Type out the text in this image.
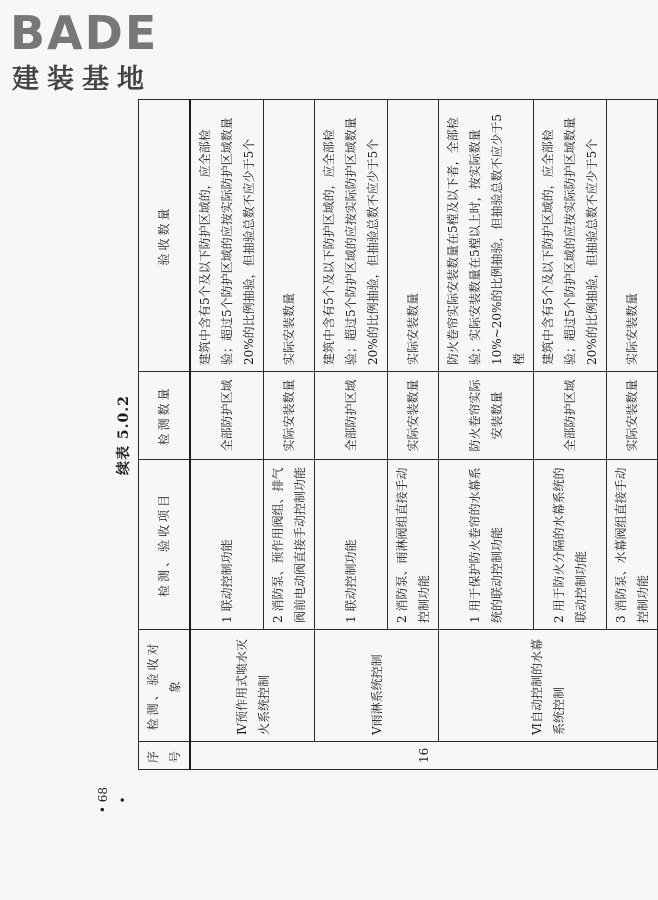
BADE
建装基地
• 68 •
续表 5.0.2
序号	检测、验收对象	检测、验收项目	检测数量	验收数量
16	Ⅳ预作用式喷水灭火系统控制	1 联动控制功能	全部防护区域	建筑中含有5个及以下防护区域的，应全部检验；超过5个防护区域的应按实际防护区域数量20%的比例抽验，但抽验总数不应少于5个
		2 消防泵、预作用阀组、排气阀前电动阀直接手动控制功能	实际安装数量	实际安装数量
	Ⅴ雨淋系统控制	1 联动控制功能	全部防护区域	建筑中含有5个及以下防护区域的，应全部检验；超过5个防护区域的应按实际防护区域数量20%的比例抽验，但抽验总数不应少于5个
		2 消防泵、雨淋阀组直接手动控制功能	实际安装数量	实际安装数量
	Ⅵ自动控制的水幕系统控制	1 用于保护防火卷帘的水幕系统的联动控制功能	防火卷帘实际安装数量	防火卷帘实际安装数量在5樘及以下者，全部检验；实际安装数量在5樘以上时，按实际数量10%~20%的比例抽验，但抽验总数不应少于5樘
		2 用于防火分隔的水幕系统的联动控制功能	全部防护区域	建筑中含有5个及以下防护区域的，应全部检验；超过5个防护区域的应按实际防护区域数量20%的比例抽验，但抽验总数不应少于5个
		3 消防泵、水幕阀组直接手动控制功能	实际安装数量	实际安装数量
